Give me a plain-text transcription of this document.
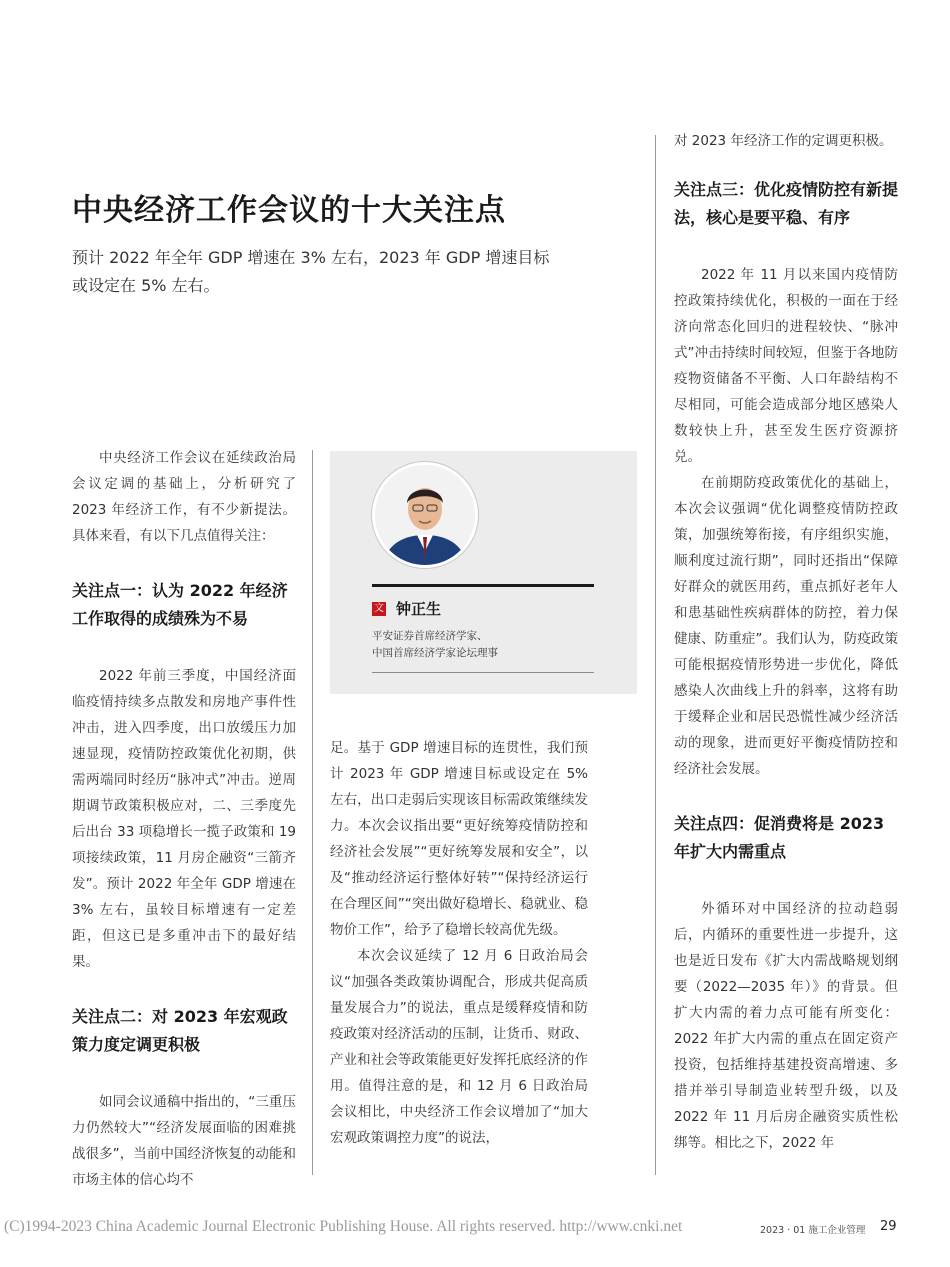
中央经济工作会议的十大关注点
预计 2022 年全年 GDP 增速在 3% 左右，2023 年 GDP 增速目标或设定在 5% 左右。

中央经济工作会议在延续政治局会议定调的基础上，分析研究了 2023 年经济工作，有不少新提法。具体来看，有以下几点值得关注：

关注点一：认为 2022 年经济工作取得的成绩殊为不易

2022 年前三季度，中国经济面临疫情持续多点散发和房地产事件性冲击，进入四季度，出口放缓压力加速显现，疫情防控政策优化初期，供需两端同时经历“脉冲式”冲击。逆周期调节政策积极应对，二、三季度先后出台 33 项稳增长一揽子政策和 19 项接续政策，11 月房企融资“三箭齐发”。预计 2022 年全年 GDP 增速在 3% 左右，虽较目标增速有一定差距，但这已是多重冲击下的最好结果。

关注点二：对 2023 年宏观政策力度定调更积极

如同会议通稿中指出的，“三重压力仍然较大”“经济发展面临的困难挑战很多”，当前中国经济恢复的动能和市场主体的信心均不

文 钟正生
平安证券首席经济学家、
中国首席经济学家论坛理事

足。基于 GDP 增速目标的连贯性，我们预计 2023 年 GDP 增速目标或设定在 5% 左右，出口走弱后实现该目标需政策继续发力。本次会议指出要“更好统筹疫情防控和经济社会发展”“更好统筹发展和安全”，以及“推动经济运行整体好转”“保持经济运行在合理区间”“突出做好稳增长、稳就业、稳物价工作”，给予了稳增长较高优先级。

本次会议延续了 12 月 6 日政治局会议“加强各类政策协调配合，形成共促高质量发展合力”的说法，重点是缓释疫情和防疫政策对经济活动的压制，让货币、财政、产业和社会等政策能更好发挥托底经济的作用。值得注意的是，和 12 月 6 日政治局会议相比，中央经济工作会议增加了“加大宏观政策调控力度”的说法，

对 2023 年经济工作的定调更积极。

关注点三：优化疫情防控有新提法，核心是要平稳、有序

2022 年 11 月以来国内疫情防控政策持续优化，积极的一面在于经济向常态化回归的进程较快、“脉冲式”冲击持续时间较短，但鉴于各地防疫物资储备不平衡、人口年龄结构不尽相同，可能会造成部分地区感染人数较快上升，甚至发生医疗资源挤兑。

在前期防疫政策优化的基础上，本次会议强调“优化调整疫情防控政策，加强统筹衔接，有序组织实施，顺利度过流行期”，同时还指出“保障好群众的就医用药，重点抓好老年人和患基础性疾病群体的防控，着力保健康、防重症”。我们认为，防疫政策可能根据疫情形势进一步优化，降低感染人次曲线上升的斜率，这将有助于缓释企业和居民恐慌性减少经济活动的现象，进而更好平衡疫情防控和经济社会发展。

关注点四：促消费将是 2023 年扩大内需重点

外循环对中国经济的拉动趋弱后，内循环的重要性进一步提升，这也是近日发布《扩大内需战略规划纲要（2022—2035 年）》的背景。但扩大内需的着力点可能有所变化：2022 年扩大内需的重点在固定资产投资，包括维持基建投资高增速、多措并举引导制造业转型升级，以及 2022 年 11 月后房企融资实质性松绑等。相比之下，2022 年

(C)1994-2023 China Academic Journal Electronic Publishing House. All rights reserved. http://www.cnki.net	2023 · 01 施工企业管理 29
